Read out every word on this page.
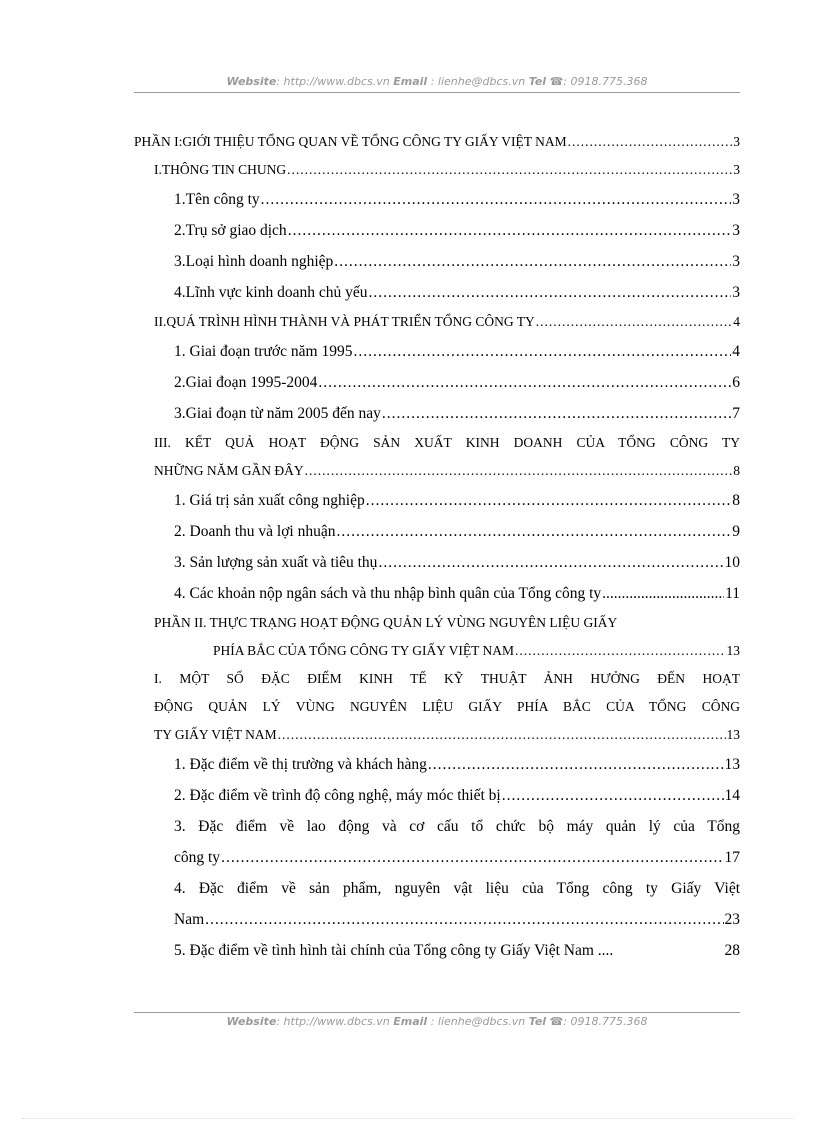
Website: http://www.dbcs.vn Email : lienhe@dbcs.vn Tel ☎: 0918.775.368
PHẦN I:GIỚI THIỆU TỔNG QUAN VỀ TỔNG CÔNG TY GIẤY VIỆT NAM .....	3
I.THÔNG TIN CHUNG .....	3
1.Tên công ty .....	3
2.Trụ sở giao dịch .....	3
3.Loại hình doanh nghiệp .....	3
4.Lĩnh vực kinh doanh chủ yếu .....	3
II.QUÁ TRÌNH HÌNH THÀNH VÀ PHÁT TRIỂN TỔNG CÔNG TY .....	4
1. Giai đoạn trước năm 1995 .....	4
2.Giai đoạn 1995-2004 .....	6
3.Giai đoạn từ năm 2005 đến nay .....	7
III. KẾT QUẢ HOẠT ĐỘNG SẢN XUẤT KINH DOANH CỦA TỔNG CÔNG TY
NHỮNG NĂM GẦN ĐÂY .....	8
1. Giá trị sản xuất công nghiệp .....	8
2. Doanh thu và lợi nhuận .....	9
3. Sản lượng sản xuất và tiêu thụ .....	10
4. Các khoản nộp ngân sách và thu nhập bình quân của Tổng công ty .....	11
PHẦN II. THỰC TRẠNG HOẠT ĐỘNG QUẢN LÝ VÙNG NGUYÊN LIỆU GIẤY
PHÍA BẮC CỦA TỔNG CÔNG TY GIẤY VIỆT NAM .....	13
I. MỘT SỐ ĐẶC ĐIỂM KINH TẾ KỸ THUẬT ẢNH HƯỞNG ĐẾN HOẠT
ĐỘNG QUẢN LÝ VÙNG NGUYÊN LIỆU GIẤY PHÍA BẮC CỦA TỔNG CÔNG
TY GIẤY VIỆT NAM .....	13
1. Đặc điểm về thị trường và khách hàng .....	13
2. Đặc điểm về trình độ công nghệ, máy móc thiết bị .....	14
3. Đặc điểm về lao động và cơ cấu tổ chức bộ máy quản lý của Tổng
công ty .....	17
4. Đặc điểm về sản phẩm, nguyên vật liệu của Tổng công ty Giấy Việt
Nam .....	23
5. Đặc điểm về tình hình tài chính của Tổng công ty Giấy Việt Nam ....	28
Website: http://www.dbcs.vn Email : lienhe@dbcs.vn Tel ☎: 0918.775.368
